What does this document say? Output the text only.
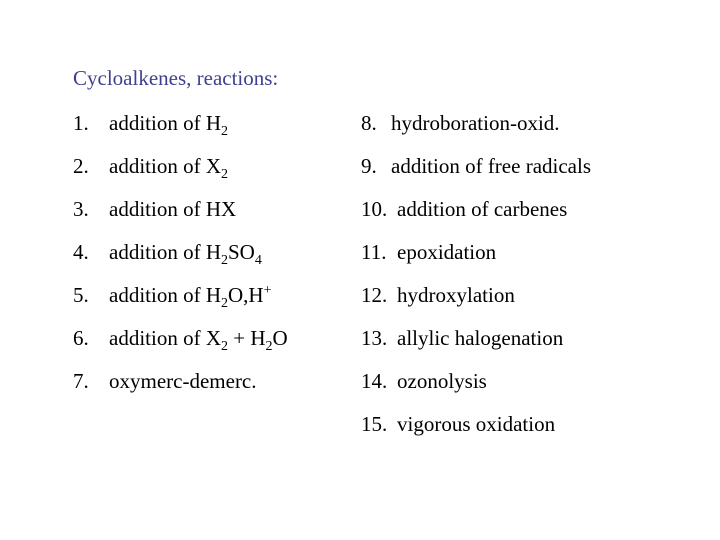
Cycloalkenes, reactions:
1. addition of $H_2$
2. addition of $X_2$
3. addition of HX
4. addition of $H_2SO_4$
5. addition of $H_2O,H^+$
6. addition of $X_2 + H_2O$
7. oxymerc-demerc.
8. hydroboration-oxid.
9. addition of free radicals
10. addition of carbenes
11. epoxidation
12. hydroxylation
13. allylic halogenation
14. ozonolysis
15. vigorous oxidation
